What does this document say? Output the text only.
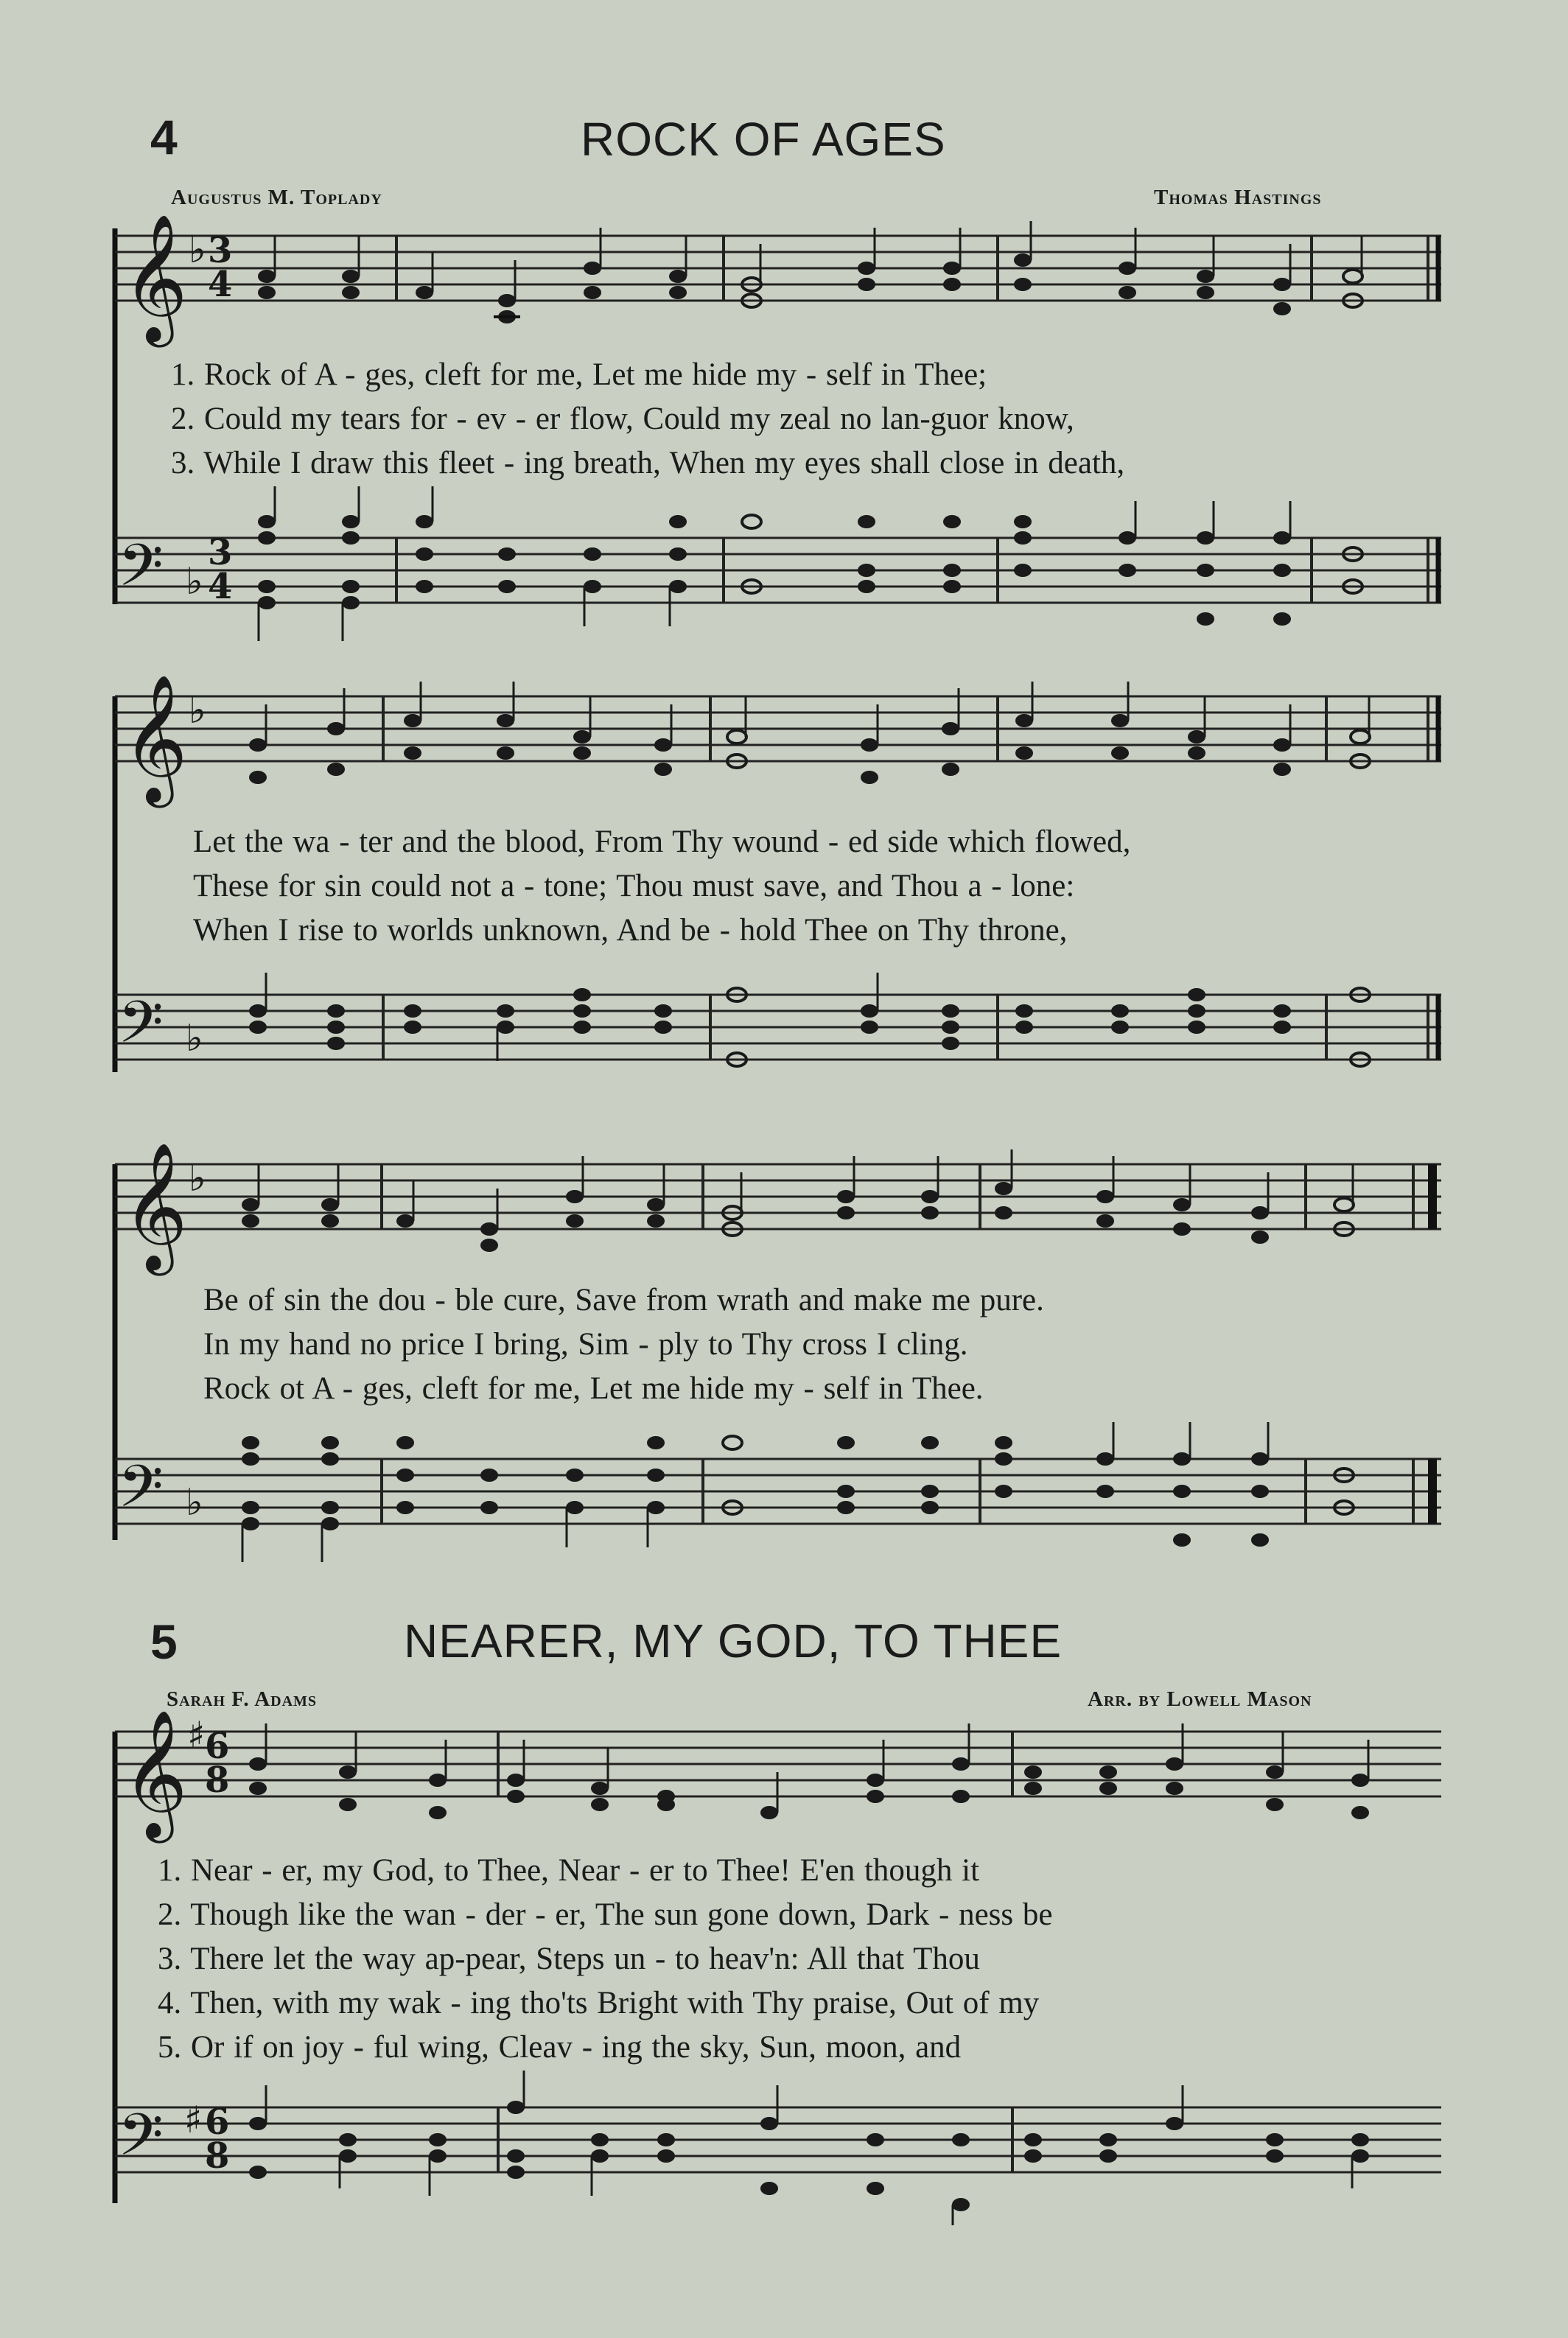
4	ROCK OF AGES
Augustus M. Toplady	Thomas Hastings
𝄞 ♭ 3
4
1. Rock of A - ges, cleft for me, Let me hide my - self in Thee;
2. Could my tears for - ev - er flow, Could my zeal no lan-guor know,
3. While I draw this fleet - ing breath, When my eyes shall close in death,
𝄢 ♭
3
4
𝄞 ♭
Let the wa - ter and the blood, From Thy wound - ed side which flowed,
These for sin could not a - tone; Thou must save, and Thou a - lone:
When I rise to worlds unknown, And be - hold Thee on Thy throne,
𝄢 ♭
𝄞 ♭
Be of sin the dou - ble cure, Save from wrath and make me pure.
In my hand no price I bring, Sim - ply to Thy cross I cling.
Rock ot A - ges, cleft for me, Let me hide my - self in Thee.
𝄢 ♭
5	NEARER, MY GOD, TO THEE
Sarah F. Adams	Arr. by Lowell Mason
𝄞 ♯ 6
8
1. Near - er, my God, to Thee, Near - er to Thee! E'en though it
2. Though like the wan - der - er, The sun gone down, Dark - ness be
3. There let the way ap-pear, Steps un - to heav'n: All that Thou
4. Then, with my wak - ing tho'ts Bright with Thy praise, Out of my
5. Or if on joy - ful wing, Cleav - ing the sky, Sun, moon, and
𝄢 ♯ 6
8
